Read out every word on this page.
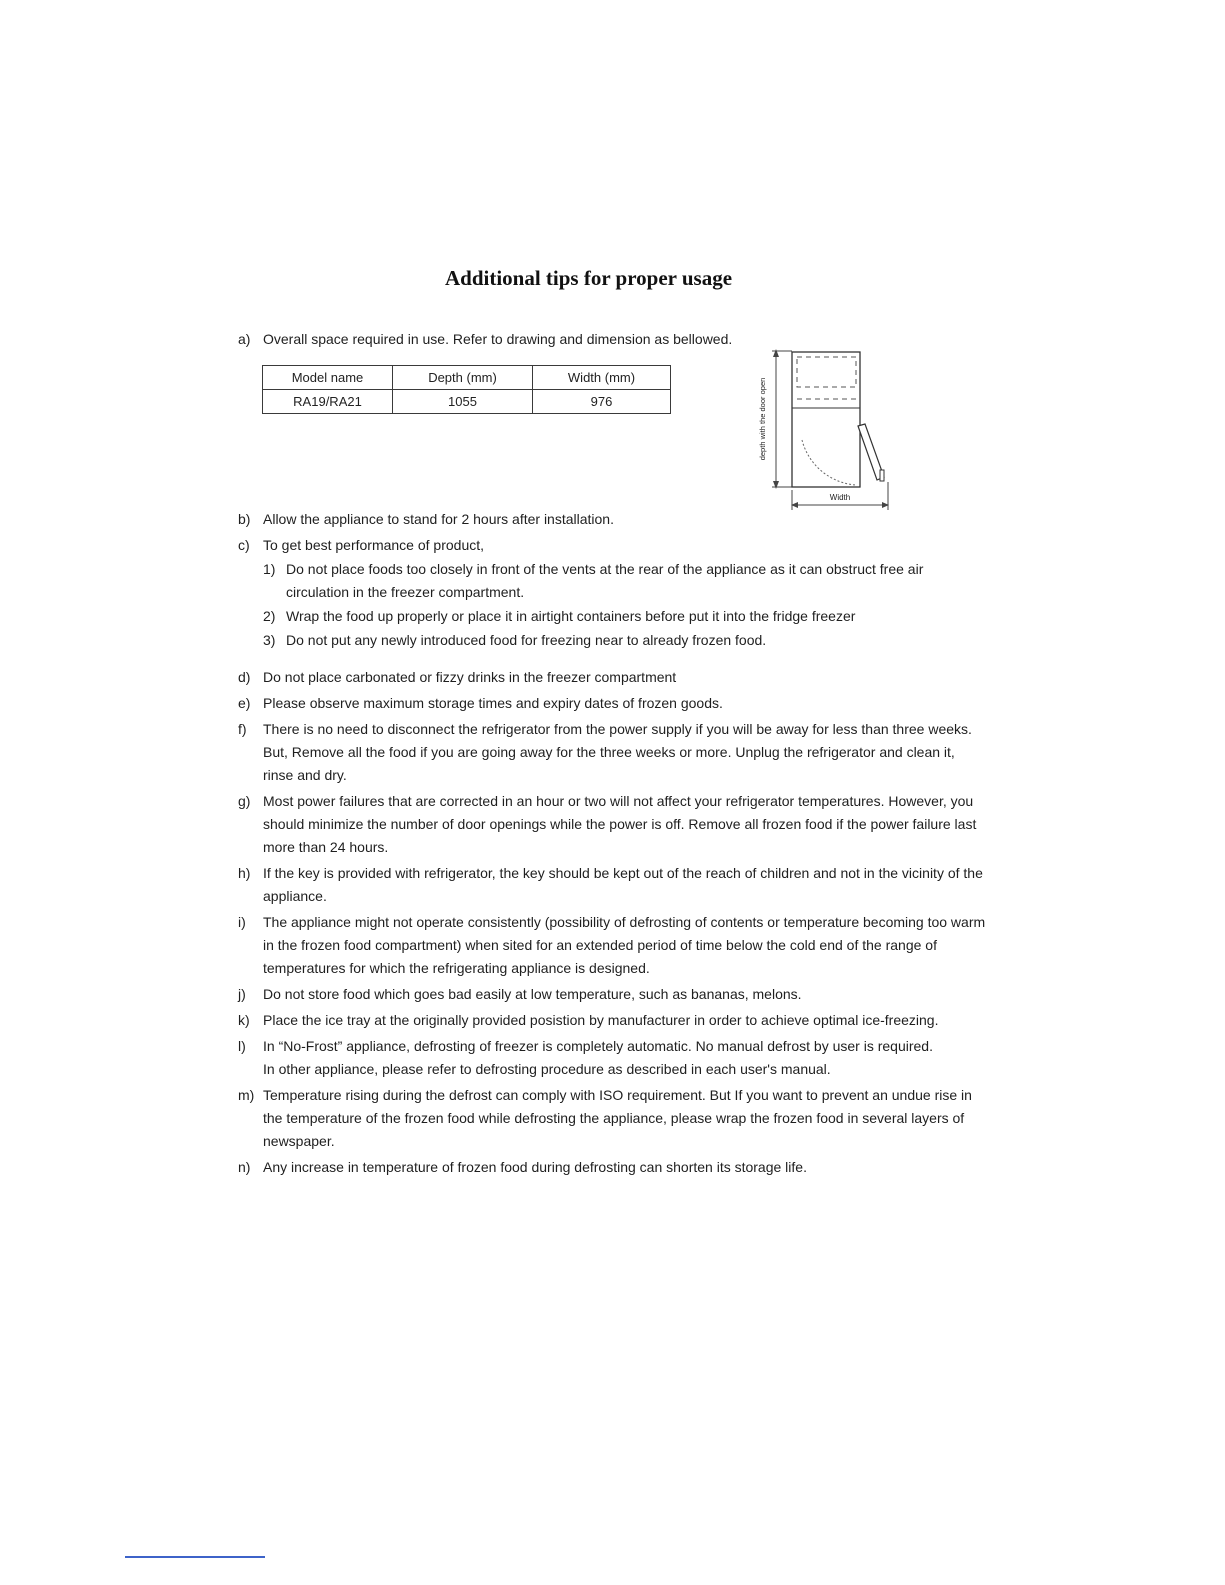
Additional tips for proper usage
a) Overall space required in use. Refer to drawing and dimension as bellowed.
Model name	Depth (mm)	Width (mm)
RA19/RA21	1055	976
b) Allow the appliance to stand for 2 hours after installation.
c) To get best performance of product,
1) Do not place foods too closely in front of the vents at the rear of the appliance as it can obstruct free air circulation in the freezer compartment.
2) Wrap the food up properly or place it in airtight containers before put it into the fridge freezer
3) Do not put any newly introduced food for freezing near to already frozen food.
d) Do not place carbonated or fizzy drinks in the freezer compartment
e) Please observe maximum storage times and expiry dates of frozen goods.
f)	There is no need to disconnect the refrigerator from the power supply if you will be away for less than three weeks. But, Remove all the food if you are going away for the three weeks or more. Unplug the refrigerator and clean it, rinse and dry.
g) Most power failures that are corrected in an hour or two will not affect your refrigerator temperatures. However, you should minimize the number of door openings while the power is off. Remove all frozen food if the power failure last more than 24 hours.
h) If the key is provided with refrigerator, the key should be kept out of the reach of children and not in the vicinity of the appliance.
i)	The appliance might not operate consistently (possibility of defrosting of contents or temperature becoming too warm in the frozen food compartment) when sited for an extended period of time below the cold end of the range of temperatures for which the refrigerating appliance is designed.
j)	Do not store food which goes bad easily at low temperature, such as bananas, melons.
k) Place the ice tray at the originally provided posistion by manufacturer in order to achieve optimal ice-freezing.
l)	In “No-Frost” appliance, defrosting of freezer is completely automatic. No manual defrost by user is required.
In other appliance, please refer to defrosting procedure as described in each user's manual.
m) Temperature rising during the defrost can comply with ISO requirement. But If you want to prevent an undue rise in the temperature of the frozen food while defrosting the appliance, please wrap the frozen food in several layers of newspaper.
n) Any increase in temperature of frozen food during defrosting can shorten its storage life.
depth with the door open
Width
